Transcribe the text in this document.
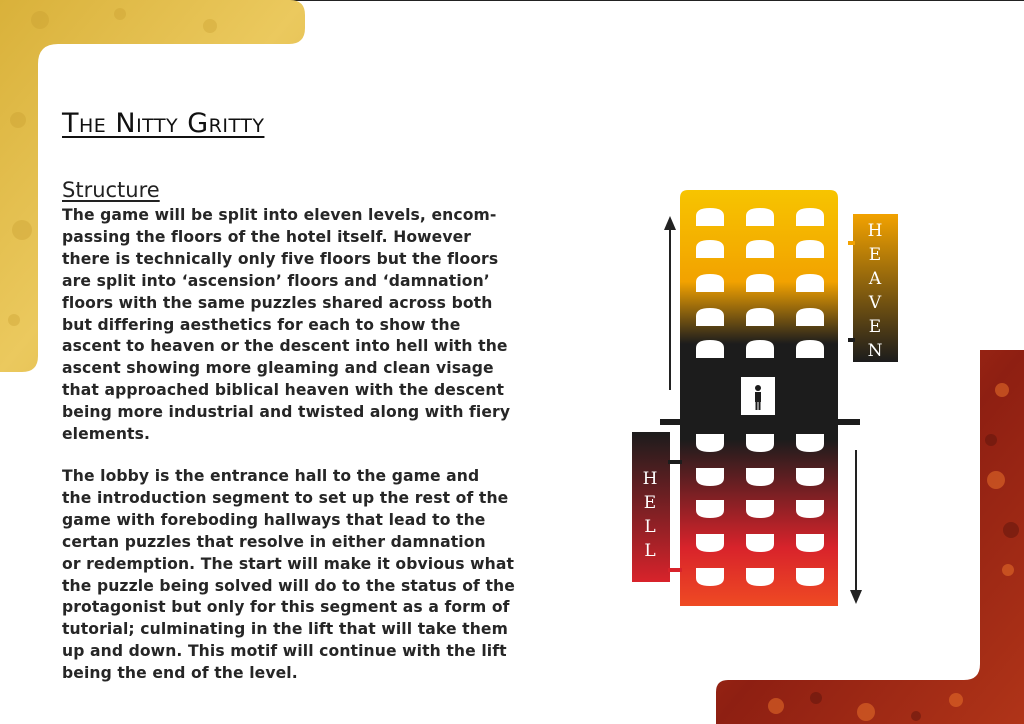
The Nitty Gritty
Structure

The game will be split into eleven levels, encom-
passing the floors of the hotel itself. However
there is technically only five floors but the floors
are split into ‘ascension’ floors and ‘damnation’
floors with the same puzzles shared across both
but differing aesthetics for each to show the
ascent to heaven or the descent into hell with the
ascent showing more gleaming and clean visage
that approached biblical heaven with the descent
being more industrial and twisted along with fiery
elements.

The lobby is the entrance hall to the game and
the introduction segment to set up the rest of the
game with foreboding hallways that lead to the
certan puzzles that resolve in either damnation
or redemption. The start will make it obvious what
the puzzle being solved will do to the status of the
protagonist but only for this segment as a form of
tutorial; culminating in the lift that will take them
up and down. This motif will continue with the lift
being the end of the level.

H
E
A
V
E
N
H
E
L
L
